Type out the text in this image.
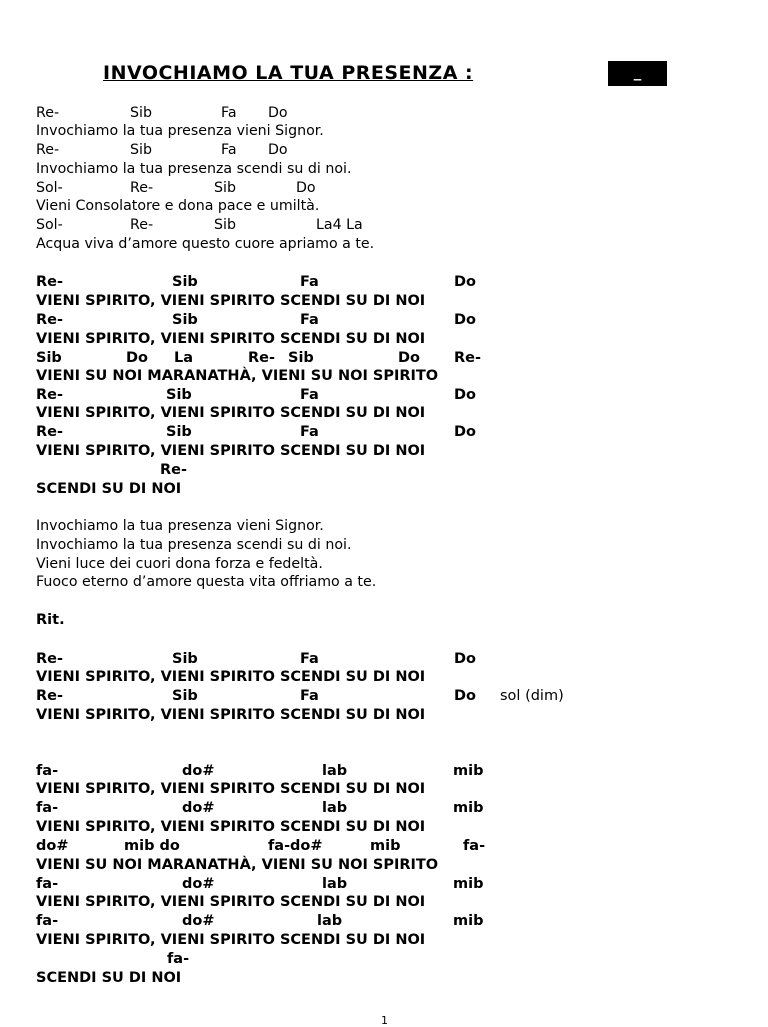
INVOCHIAMO LA TUA PRESENZA :	_

Re-

	Sib

	Fa

Do

Invochiamo la tua presenza vieni Signor.

Re-

	Sib

	Fa

Do

Invochiamo la tua presenza scendi su di noi.

Sol-

	Re-

	Sib

	Do

Vieni Consolatore e dona pace e umiltà.

Sol-

	Re-

	Sib

	La4 La

Acqua viva d’amore questo cuore apriamo a te.

Re-

	Sib

	Fa

	Do

VIENI SPIRITO, VIENI SPIRITO SCENDI SU DI NOI

Re-

	Sib

	Fa

	Do

VIENI SPIRITO, VIENI SPIRITO SCENDI SU DI NOI

Sib

	Do

La

	Re-

Sib

	Do

Re-

VIENI SU NOI MARANATHÀ, VIENI SU NOI SPIRITO

Re-

	Sib

	Fa

	Do

VIENI SPIRITO, VIENI SPIRITO SCENDI SU DI NOI

Re-

	Sib

	Fa

	Do

VIENI SPIRITO, VIENI SPIRITO SCENDI SU DI NOI

Re-

SCENDI SU DI NOI
Invochiamo la tua presenza vieni Signor.
Invochiamo la tua presenza scendi su di noi.
Vieni luce dei cuori dona forza e fedeltà.
Fuoco eterno d’amore questa vita offriamo a te.
Rit.

Re-

	Sib

	Fa

	Do

VIENI SPIRITO, VIENI SPIRITO SCENDI SU DI NOI

Re-

	Sib

	Fa

	Do sol (dim)
VIENI SPIRITO, VIENI SPIRITO SCENDI SU DI NOI

fa-

	do#

	lab

	mib

VIENI SPIRITO, VIENI SPIRITO SCENDI SU DI NOI

fa-

	do#

	lab

	mib

VIENI SPIRITO, VIENI SPIRITO SCENDI SU DI NOI

do#

	mib do

	fa-

do#

	mib

	fa-

VIENI SU NOI MARANATHÀ, VIENI SU NOI SPIRITO

fa-

	do#

	lab

	mib

VIENI SPIRITO, VIENI SPIRITO SCENDI SU DI NOI

fa-

	do#

	lab

	mib

VIENI SPIRITO, VIENI SPIRITO SCENDI SU DI NOI

fa-

SCENDI SU DI NOI
1
